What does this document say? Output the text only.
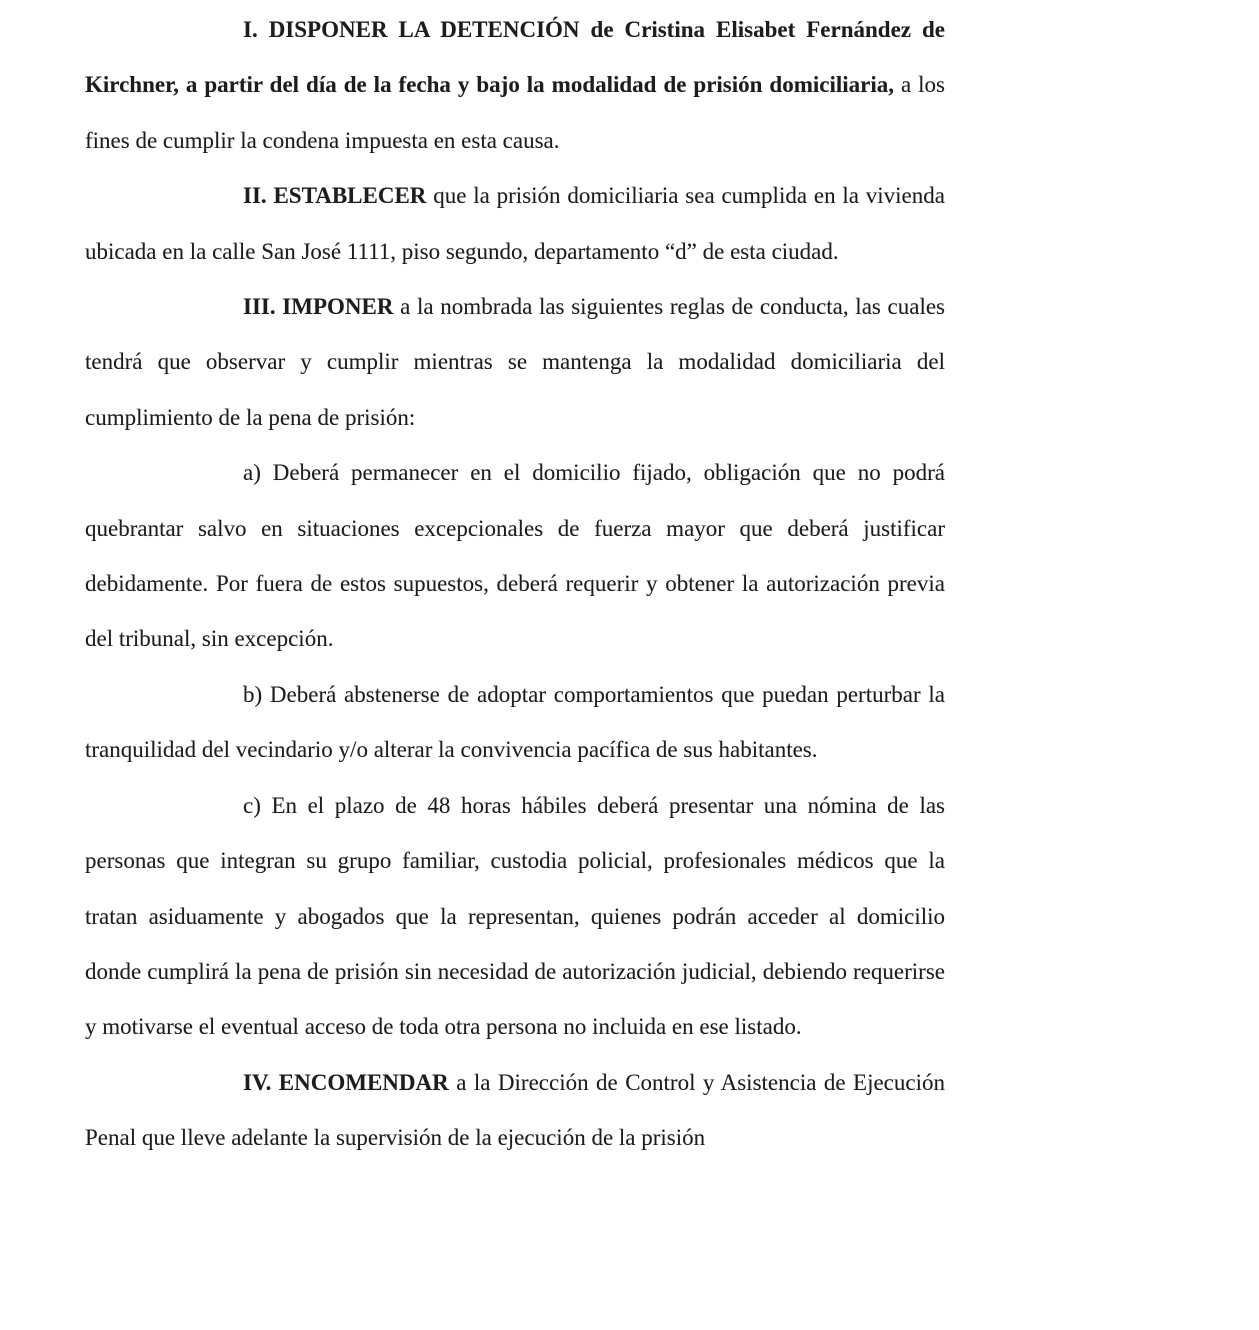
I. DISPONER LA DETENCIÓN de Cristina Elisabet Fernández de Kirchner, a partir del día de la fecha y bajo la modalidad de prisión domiciliaria, a los fines de cumplir la condena impuesta en esta causa.

II. ESTABLECER que la prisión domiciliaria sea cumplida en la vivienda ubicada en la calle San José 1111, piso segundo, departamento “d” de esta ciudad.

III. IMPONER a la nombrada las siguientes reglas de conducta, las cuales tendrá que observar y cumplir mientras se mantenga la modalidad domiciliaria del cumplimiento de la pena de prisión:

a) Deberá permanecer en el domicilio fijado, obligación que no podrá quebrantar salvo en situaciones excepcionales de fuerza mayor que deberá justificar debidamente. Por fuera de estos supuestos, deberá requerir y obtener la autorización previa del tribunal, sin excepción.

b) Deberá abstenerse de adoptar comportamientos que puedan perturbar la tranquilidad del vecindario y/o alterar la convivencia pacífica de sus habitantes.

c) En el plazo de 48 horas hábiles deberá presentar una nómina de las personas que integran su grupo familiar, custodia policial, profesionales médicos que la tratan asiduamente y abogados que la representan, quienes podrán acceder al domicilio donde cumplirá la pena de prisión sin necesidad de autorización judicial, debiendo requerirse y motivarse el eventual acceso de toda otra persona no incluida en ese listado.

IV. ENCOMENDAR a la Dirección de Control y Asistencia de Ejecución Penal que lleve adelante la supervisión de la ejecución de la prisión
